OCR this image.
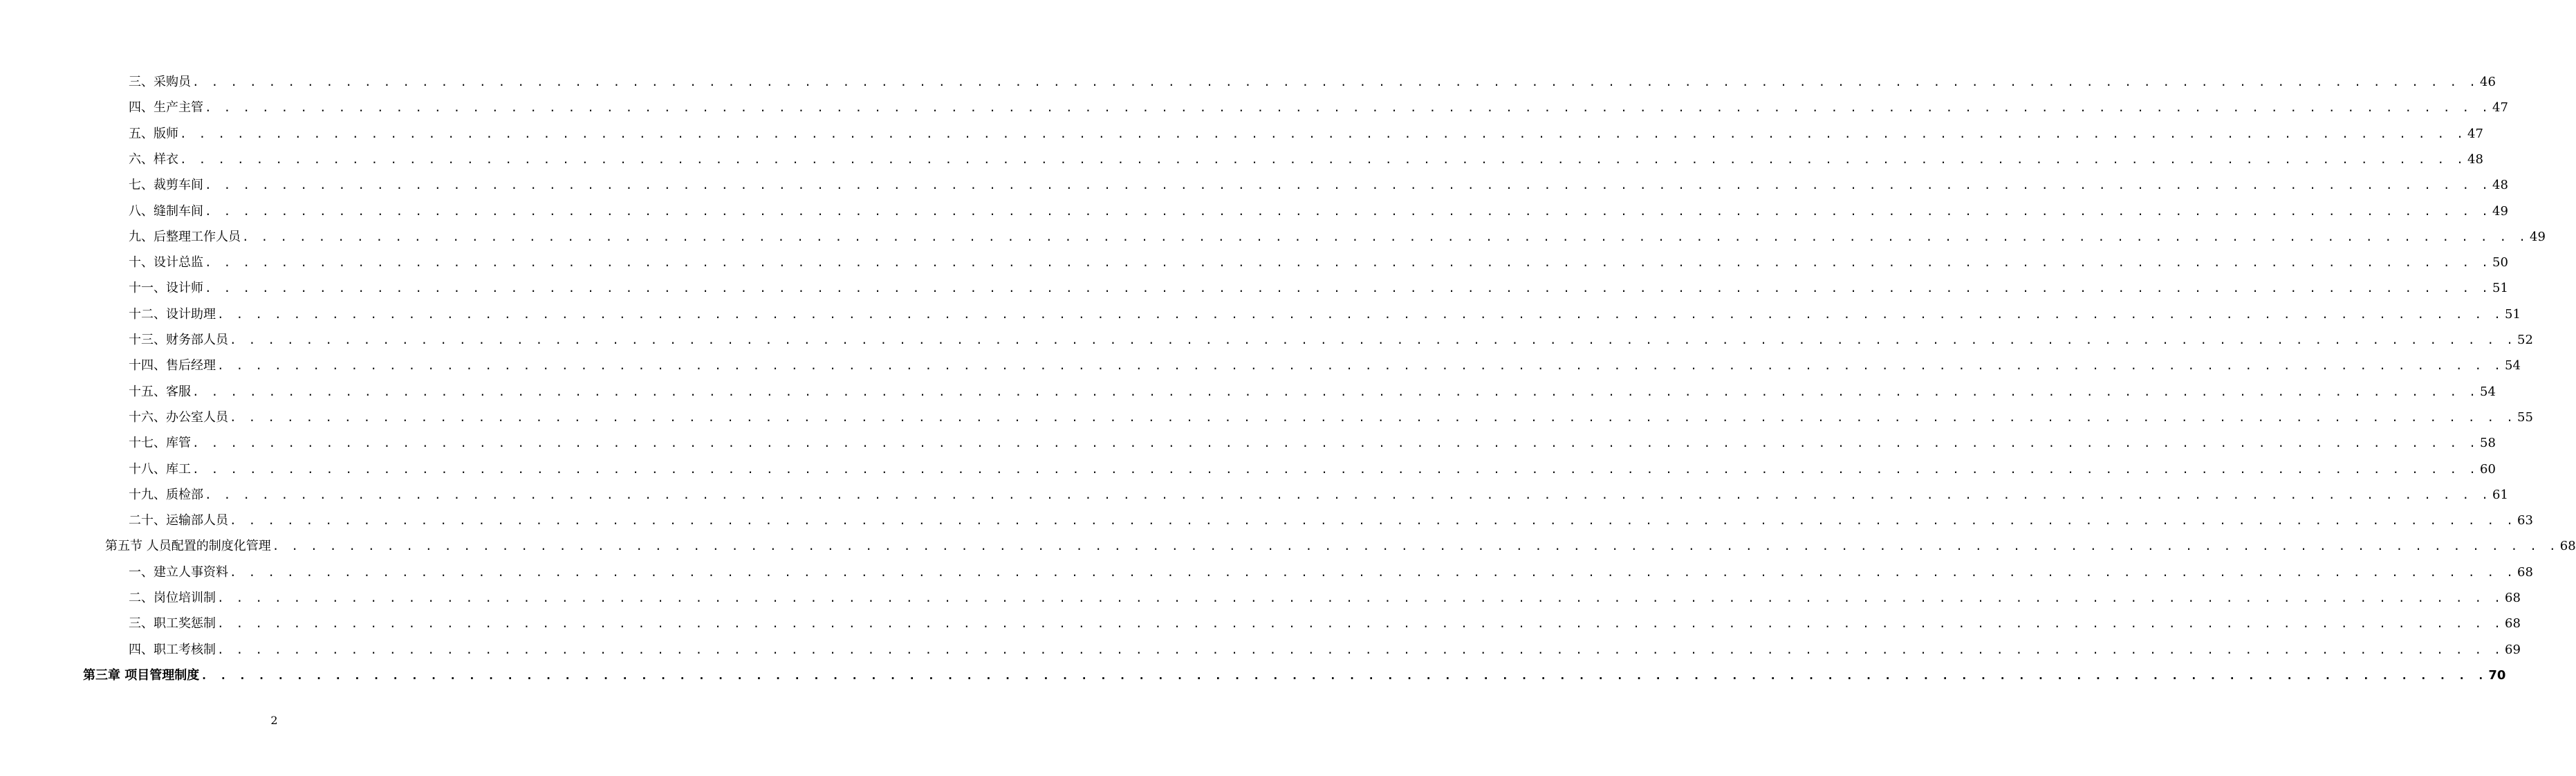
三、采购员 . . . . . . . . . . . . . . . . . . . . . . . . . . . . . . . . . . . . . . . . . . . . . . . . . . . . . . . . . . . . . . . . . . . . . . . . . . . . . . . . . . . . . . . . . . . . . . . . . . . . . . . . . . . . . . . . . . . . . . . . 46
四、生产主管 . . . . . . . . . . . . . . . . . . . . . . . . . . . . . . . . . . . . . . . . . . . . . . . . . . . . . . . . . . . . . . . . . . . . . . . . . . . . . . . . . . . . . . . . . . . . . . . . . . . . . . . . . . . . . . . . . . . . . . . . 47
五、版师 . . . . . . . . . . . . . . . . . . . . . . . . . . . . . . . . . . . . . . . . . . . . . . . . . . . . . . . . . . . . . . . . . . . . . . . . . . . . . . . . . . . . . . . . . . . . . . . . . . . . . . . . . . . . . . . . . . . . . . . . 47
六、样衣 . . . . . . . . . . . . . . . . . . . . . . . . . . . . . . . . . . . . . . . . . . . . . . . . . . . . . . . . . . . . . . . . . . . . . . . . . . . . . . . . . . . . . . . . . . . . . . . . . . . . . . . . . . . . . . . . . . . . . . . . 48
七、裁剪车间 . . . . . . . . . . . . . . . . . . . . . . . . . . . . . . . . . . . . . . . . . . . . . . . . . . . . . . . . . . . . . . . . . . . . . . . . . . . . . . . . . . . . . . . . . . . . . . . . . . . . . . . . . . . . . . . . . . . . . . . . 48
八、缝制车间 . . . . . . . . . . . . . . . . . . . . . . . . . . . . . . . . . . . . . . . . . . . . . . . . . . . . . . . . . . . . . . . . . . . . . . . . . . . . . . . . . . . . . . . . . . . . . . . . . . . . . . . . . . . . . . . . . . . . . . . . 49
九、后整理工作人员 . . . . . . . . . . . . . . . . . . . . . . . . . . . . . . . . . . . . . . . . . . . . . . . . . . . . . . . . . . . . . . . . . . . . . . . . . . . . . . . . . . . . . . . . . . . . . . . . . . . . . . . . . . . . . . . . . . . . . . . . 49
十、设计总监 . . . . . . . . . . . . . . . . . . . . . . . . . . . . . . . . . . . . . . . . . . . . . . . . . . . . . . . . . . . . . . . . . . . . . . . . . . . . . . . . . . . . . . . . . . . . . . . . . . . . . . . . . . . . . . . . . . . . . . . . 50
十一、设计师 . . . . . . . . . . . . . . . . . . . . . . . . . . . . . . . . . . . . . . . . . . . . . . . . . . . . . . . . . . . . . . . . . . . . . . . . . . . . . . . . . . . . . . . . . . . . . . . . . . . . . . . . . . . . . . . . . . . . . . . . 51
十二、设计助理 . . . . . . . . . . . . . . . . . . . . . . . . . . . . . . . . . . . . . . . . . . . . . . . . . . . . . . . . . . . . . . . . . . . . . . . . . . . . . . . . . . . . . . . . . . . . . . . . . . . . . . . . . . . . . . . . . . . . . . . . 51
十三、财务部人员 . . . . . . . . . . . . . . . . . . . . . . . . . . . . . . . . . . . . . . . . . . . . . . . . . . . . . . . . . . . . . . . . . . . . . . . . . . . . . . . . . . . . . . . . . . . . . . . . . . . . . . . . . . . . . . . . . . . . . . . . 52
十四、售后经理 . . . . . . . . . . . . . . . . . . . . . . . . . . . . . . . . . . . . . . . . . . . . . . . . . . . . . . . . . . . . . . . . . . . . . . . . . . . . . . . . . . . . . . . . . . . . . . . . . . . . . . . . . . . . . . . . . . . . . . . . 54
十五、客服 . . . . . . . . . . . . . . . . . . . . . . . . . . . . . . . . . . . . . . . . . . . . . . . . . . . . . . . . . . . . . . . . . . . . . . . . . . . . . . . . . . . . . . . . . . . . . . . . . . . . . . . . . . . . . . . . . . . . . . . . 54
十六、办公室人员 . . . . . . . . . . . . . . . . . . . . . . . . . . . . . . . . . . . . . . . . . . . . . . . . . . . . . . . . . . . . . . . . . . . . . . . . . . . . . . . . . . . . . . . . . . . . . . . . . . . . . . . . . . . . . . . . . . . . . . . . 55
十七、库管 . . . . . . . . . . . . . . . . . . . . . . . . . . . . . . . . . . . . . . . . . . . . . . . . . . . . . . . . . . . . . . . . . . . . . . . . . . . . . . . . . . . . . . . . . . . . . . . . . . . . . . . . . . . . . . . . . . . . . . . . 58
十八、库工 . . . . . . . . . . . . . . . . . . . . . . . . . . . . . . . . . . . . . . . . . . . . . . . . . . . . . . . . . . . . . . . . . . . . . . . . . . . . . . . . . . . . . . . . . . . . . . . . . . . . . . . . . . . . . . . . . . . . . . . . 60
十九、质检部 . . . . . . . . . . . . . . . . . . . . . . . . . . . . . . . . . . . . . . . . . . . . . . . . . . . . . . . . . . . . . . . . . . . . . . . . . . . . . . . . . . . . . . . . . . . . . . . . . . . . . . . . . . . . . . . . . . . . . . . . 61
二十、运输部人员 . . . . . . . . . . . . . . . . . . . . . . . . . . . . . . . . . . . . . . . . . . . . . . . . . . . . . . . . . . . . . . . . . . . . . . . . . . . . . . . . . . . . . . . . . . . . . . . . . . . . . . . . . . . . . . . . . . . . . . . . 63
第五节 人员配置的制度化管理 . . . . . . . . . . . . . . . . . . . . . . . . . . . . . . . . . . . . . . . . . . . . . . . . . . . . . . . . . . . . . . . . . . . . . . . . . . . . . . . . . . . . . . . . . . . . . . . . . . . . . . . . . . . . . . . . . . . . . . . . 68
一、建立人事资料 . . . . . . . . . . . . . . . . . . . . . . . . . . . . . . . . . . . . . . . . . . . . . . . . . . . . . . . . . . . . . . . . . . . . . . . . . . . . . . . . . . . . . . . . . . . . . . . . . . . . . . . . . . . . . . . . . . . . . . . . 68
二、岗位培训制 . . . . . . . . . . . . . . . . . . . . . . . . . . . . . . . . . . . . . . . . . . . . . . . . . . . . . . . . . . . . . . . . . . . . . . . . . . . . . . . . . . . . . . . . . . . . . . . . . . . . . . . . . . . . . . . . . . . . . . . . 68
三、职工奖惩制 . . . . . . . . . . . . . . . . . . . . . . . . . . . . . . . . . . . . . . . . . . . . . . . . . . . . . . . . . . . . . . . . . . . . . . . . . . . . . . . . . . . . . . . . . . . . . . . . . . . . . . . . . . . . . . . . . . . . . . . . 68
四、职工考核制 . . . . . . . . . . . . . . . . . . . . . . . . . . . . . . . . . . . . . . . . . . . . . . . . . . . . . . . . . . . . . . . . . . . . . . . . . . . . . . . . . . . . . . . . . . . . . . . . . . . . . . . . . . . . . . . . . . . . . . . . 69
第三章 项目管理制度 . . . . . . . . . . . . . . . . . . . . . . . . . . . . . . . . . . . . . . . . . . . . . . . . . . . . . . . . . . . . . . . . . . . . . . . . . . . . . . . . . . . . . . . . . . . . . . . . . . . . . . . . . . . . . . . . . . . . . . . . 70
2
